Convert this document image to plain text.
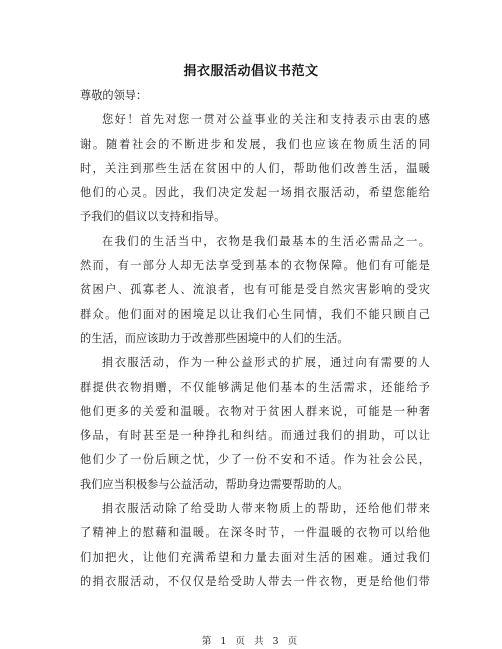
捐衣服活动倡议书范文
尊敬的领导：
您好！首先对您一贯对公益事业的关注和支持表示由衷的感
谢。随着社会的不断进步和发展，我们也应该在物质生活的同
时，关注到那些生活在贫困中的人们，帮助他们改善生活，温暖
他们的心灵。因此，我们决定发起一场捐衣服活动，希望您能给
予我们的倡议以支持和指导。
在我们的生活当中，衣物是我们最基本的生活必需品之一。
然而，有一部分人却无法享受到基本的衣物保障。他们有可能是
贫困户、孤寡老人、流浪者，也有可能是受自然灾害影响的受灾
群众。他们面对的困境足以让我们心生同情，我们不能只顾自己
的生活，而应该助力于改善那些困境中的人们的生活。
捐衣服活动，作为一种公益形式的扩展，通过向有需要的人
群提供衣物捐赠，不仅能够满足他们基本的生活需求，还能给予
他们更多的关爱和温暖。衣物对于贫困人群来说，可能是一种奢
侈品，有时甚至是一种挣扎和纠结。而通过我们的捐助，可以让
他们少了一份后顾之忧，少了一份不安和不适。作为社会公民，
我们应当积极参与公益活动，帮助身边需要帮助的人。
捐衣服活动除了给受助人带来物质上的帮助，还给他们带来
了精神上的慰藉和温暖。在深冬时节，一件温暖的衣物可以给他
们加把火，让他们充满希望和力量去面对生活的困难。通过我们
的捐衣服活动，不仅仅是给受助人带去一件衣物，更是给他们带
第 1 页 共 3 页
